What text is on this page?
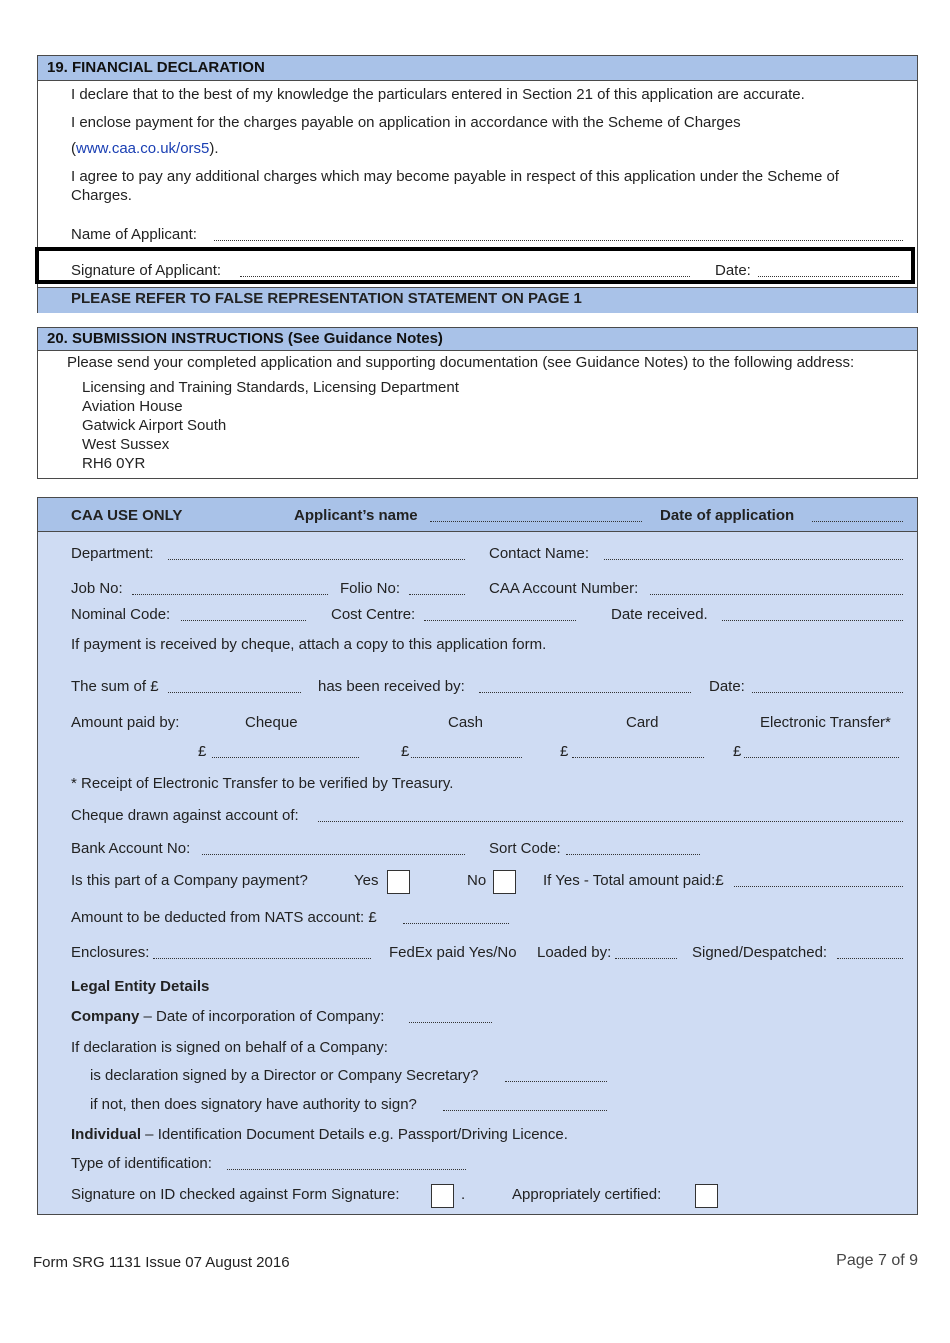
19. FINANCIAL DECLARATION
I declare that to the best of my knowledge the particulars entered in Section 21 of this application are accurate.
I enclose payment for the charges payable on application in accordance with the Scheme of Charges
(www.caa.co.uk/ors5).
I agree to pay any additional charges which may become payable in respect of this application under the Scheme of
Charges.
Name of Applicant:
Signature of Applicant:	Date:
PLEASE REFER TO FALSE REPRESENTATION STATEMENT ON PAGE 1
20. SUBMISSION INSTRUCTIONS (See Guidance Notes)
Please send your completed application and supporting documentation (see Guidance Notes) to the following address:
Licensing and Training Standards, Licensing Department
Aviation House
Gatwick Airport South
West Sussex
RH6 0YR
CAA USE ONLY	Applicant’s name	Date of application
Department:	Contact Name:
Job No:	Folio No:	CAA Account Number:
Nominal Code:	Cost Centre:	Date received.
If payment is received by cheque, attach a copy to this application form.
The sum of £	has been received by:	Date:
Amount paid by:	Cheque	Cash	Card	Electronic Transfer*
£	£	£	£
* Receipt of Electronic Transfer to be verified by Treasury.
Cheque drawn against account of:
Bank Account No:	Sort Code:
Is this part of a Company payment?	Yes	No	If Yes - Total amount paid:£
Amount to be deducted from NATS account: £
Enclosures:	FedEx paid Yes/No Loaded by:	Signed/Despatched:
Legal Entity Details
Company – Date of incorporation of Company:
If declaration is signed on behalf of a Company:
is declaration signed by a Director or Company Secretary?
if not, then does signatory have authority to sign?
Individual – Identification Document Details e.g. Passport/Driving Licence.
Type of identification:
Signature on ID checked against Form Signature:	.	Appropriately certified:
Form SRG 1131 Issue 07 August 2016	Page 7 of 9
